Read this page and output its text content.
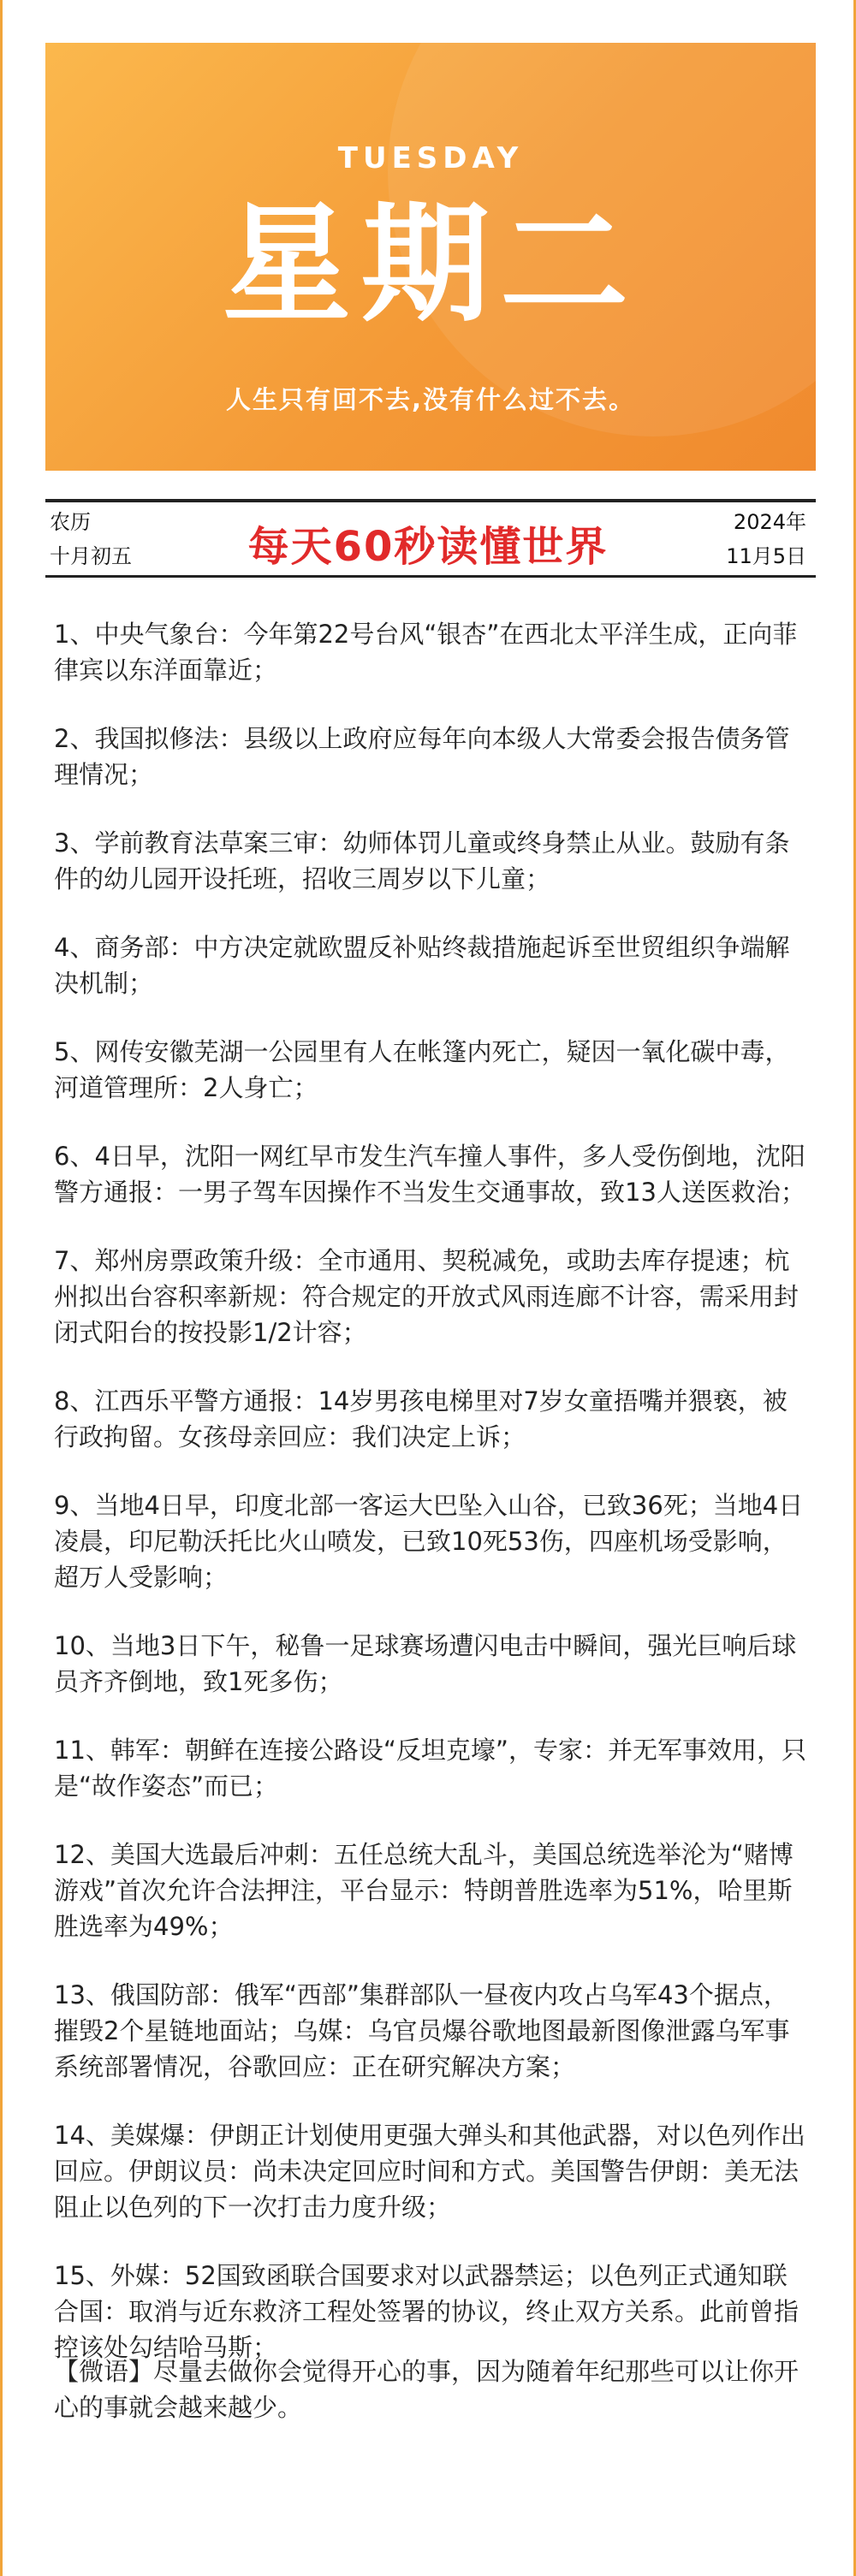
TUESDAY
星期二
人生只有回不去,没有什么过不去。
农历
十月初五	每天60秒读懂世界
2024年
11月5日
1、中央气象台：今年第22号台风“银杏”在西北太平洋生成，正向菲律宾以东洋面靠近；
2、我国拟修法：县级以上政府应每年向本级人大常委会报告债务管理情况；
3、学前教育法草案三审：幼师体罚儿童或终身禁止从业。鼓励有条件的幼儿园开设托班，招收三周岁以下儿童；
4、商务部：中方决定就欧盟反补贴终裁措施起诉至世贸组织争端解决机制；
5、网传安徽芜湖一公园里有人在帐篷内死亡，疑因一氧化碳中毒，河道管理所：2人身亡；
6、4日早，沈阳一网红早市发生汽车撞人事件，多人受伤倒地，沈阳警方通报：一男子驾车因操作不当发生交通事故，致13人送医救治；
7、郑州房票政策升级：全市通用、契税减免，或助去库存提速；杭州拟出台容积率新规：符合规定的开放式风雨连廊不计容，需采用封闭式阳台的按投影1/2计容；
8、江西乐平警方通报：14岁男孩电梯里对7岁女童捂嘴并猥亵，被行政拘留。女孩母亲回应：我们决定上诉；
9、当地4日早，印度北部一客运大巴坠入山谷，已致36死；当地4日凌晨，印尼勒沃托比火山喷发，已致10死53伤，四座机场受影响，超万人受影响；
10、当地3日下午，秘鲁一足球赛场遭闪电击中瞬间，强光巨响后球员齐齐倒地，致1死多伤；
11、韩军：朝鲜在连接公路设“反坦克壕”，专家：并无军事效用，只是“故作姿态”而已；
12、美国大选最后冲刺：五任总统大乱斗，美国总统选举沦为“赌博游戏”首次允许合法押注，平台显示：特朗普胜选率为51%，哈里斯胜选率为49%；
13、俄国防部：俄军“西部”集群部队一昼夜内攻占乌军43个据点，摧毁2个星链地面站；乌媒：乌官员爆谷歌地图最新图像泄露乌军事系统部署情况，谷歌回应：正在研究解决方案；
14、美媒爆：伊朗正计划使用更强大弹头和其他武器，对以色列作出回应。伊朗议员：尚未决定回应时间和方式。美国警告伊朗：美无法阻止以色列的下一次打击力度升级；
15、外媒：52国致函联合国要求对以武器禁运；以色列正式通知联合国：取消与近东救济工程处签署的协议，终止双方关系。此前曾指控该处勾结哈马斯；
【微语】尽量去做你会觉得开心的事，因为随着年纪那些可以让你开心的事就会越来越少。
